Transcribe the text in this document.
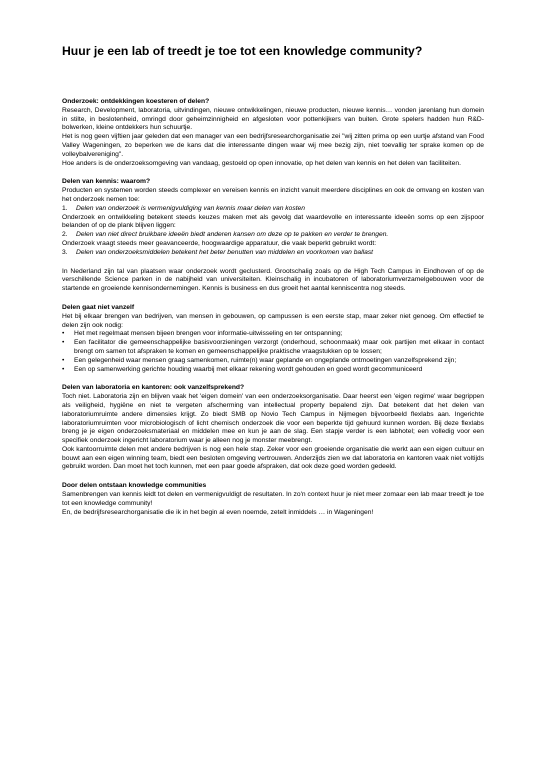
Huur je een lab of treedt je toe tot een knowledge community?
Onderzoek: ontdekkingen koesteren of delen?

Research, Development, laboratoria, uitvindingen, nieuwe ontwikkelingen, nieuwe producten, nieuwe kennis… vonden jarenlang hun domein in stilte, in beslotenheid, omringd door geheimzinnigheid en afgesloten voor pottenkijkers van buiten. Grote spelers hadden hun R&D-bolwerken, kleine ontdekkers hun schuurtje.

Het is nog geen vijftien jaar geleden dat een manager van een bedrijfsresearchorganisatie zei "wij zitten prima op een uurtje afstand van Food Valley Wageningen, zo beperken we de kans dat die interessante dingen waar wij mee bezig zijn, niet toevallig ter sprake komen op de volleybalvereniging".

Hoe anders is de onderzoeksomgeving van vandaag, gestoeld op open innovatie, op het delen van kennis en het delen van faciliteiten.

Delen van kennis: waarom?

Producten en systemen worden steeds complexer en vereisen kennis en inzicht vanuit meerdere disciplines en ook de omvang en kosten van het onderzoek nemen toe:

1.	Delen van onderzoek is vermenigvuldiging van kennis maar delen van kosten

Onderzoek en ontwikkeling betekent steeds keuzes maken met als gevolg dat waardevolle en interessante ideeën soms op een zijspoor belanden of op de plank blijven liggen:

2.	Delen van niet direct bruikbare ideeën biedt anderen kansen om deze op te pakken en verder te brengen.

Onderzoek vraagt steeds meer geavanceerde, hoogwaardige apparatuur, die vaak beperkt gebruikt wordt:

3.	Delen van onderzoeksmiddelen betekent het beter benutten van middelen en voorkomen van ballast

In Nederland zijn tal van plaatsen waar onderzoek wordt geclusterd. Grootschalig zoals op de High Tech Campus in Eindhoven of op de verschillende Science parken in de nabijheid van universiteiten. Kleinschalig in incubatoren of laboratoriumverzamelgebouwen voor de startende en groeiende kennisondernemingen. Kennis is business en dus groeit het aantal kenniscentra nog steeds.

Delen gaat niet vanzelf

Het bij elkaar brengen van bedrijven, van mensen in gebouwen, op campussen is een eerste stap, maar zeker niet genoeg. Om effectief te delen zijn ook nodig:

•	Het met regelmaat mensen bijeen brengen voor informatie-uitwisseling en ter ontspanning;
•	Een facilitator die gemeenschappelijke basisvoorzieningen verzorgt (onderhoud, schoonmaak) maar ook partijen met elkaar in contact brengt om samen tot afspraken te komen en gemeenschappelijke praktische vraagstukken op te lossen;
•	Een gelegenheid waar mensen graag samenkomen, ruimte(n) waar geplande en ongeplande ontmoetingen vanzelfsprekend zijn;
•	Een op samenwerking gerichte houding waarbij met elkaar rekening wordt gehouden en goed wordt gecommuniceerd
Delen van laboratoria en kantoren: ook vanzelfsprekend?

Toch niet. Laboratoria zijn en blijven vaak het 'eigen domein' van een onderzoeksorganisatie. Daar heerst een 'eigen regime' waar begrippen als veiligheid, hygiëne en niet te vergeten afscherming van intellectual property bepalend zijn. Dat betekent dat het delen van laboratoriumruimte andere dimensies krijgt. Zo biedt SMB op Novio Tech Campus in Nijmegen bijvoorbeeld flexlabs aan. Ingerichte laboratoriumruimten voor microbiologisch of licht chemisch onderzoek die voor een beperkte tijd gehuurd kunnen worden. Bij deze flexlabs breng je je eigen onderzoeksmateriaal en middelen mee en kun je aan de slag. Een stapje verder is een labhotel; een volledig voor een specifiek onderzoek ingericht laboratorium waar je alleen nog je monster meebrengt.

Ook kantoorruimte delen met andere bedrijven is nog een hele stap. Zeker voor een groeiende organisatie die werkt aan een eigen cultuur en bouwt aan een eigen winning team, biedt een besloten omgeving vertrouwen. Anderzijds zien we dat laboratoria en kantoren vaak niet voltijds gebruikt worden. Dan moet het toch kunnen, met een paar goede afspraken, dat ook deze goed worden gedeeld.

Door delen ontstaan knowledge communities

Samenbrengen van kennis leidt tot delen en vermenigvuldigt de resultaten. In zo'n context huur je niet meer zomaar een lab maar treedt je toe tot een knowledge community!

En, de bedrijfsresearchorganisatie die ik in het begin al even noemde, zetelt inmiddels … in Wageningen!
